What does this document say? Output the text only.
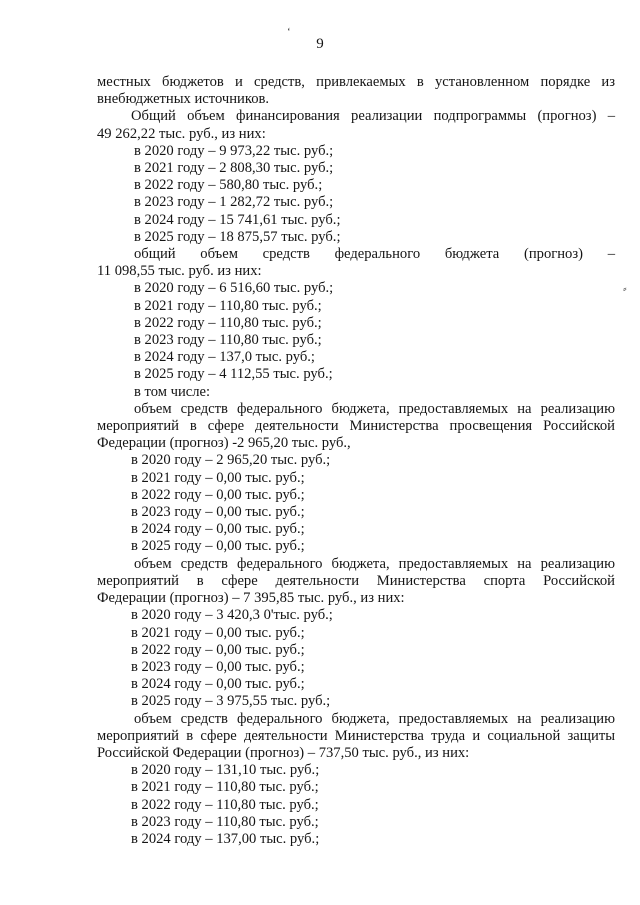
‘
⸗
9

местных бюджетов и средств, привлекаемых в установленном порядке из

внебюджетных источников.

Общий объем финансирования реализации подпрограммы (прогноз) –

49 262,22 тыс. руб., из них:

в 2020 году – 9 973,22 тыс. руб.;

в 2021 году – 2 808,30 тыс. руб.;

в 2022 году – 580,80 тыс. руб.;

в 2023 году – 1 282,72 тыс. руб.;

в 2024 году – 15 741,61 тыс. руб.;

в 2025 году – 18 875,57 тыс. руб.;

общий объем средств федерального бюджета (прогноз) –

11 098,55 тыс. руб. из них:

в 2020 году – 6 516,60 тыс. руб.;

в 2021 году – 110,80 тыс. руб.;

в 2022 году – 110,80 тыс. руб.;

в 2023 году – 110,80 тыс. руб.;

в 2024 году – 137,0 тыс. руб.;

в 2025 году – 4 112,55 тыс. руб.;

в том числе:

объем средств федерального бюджета, предоставляемых на реализацию

мероприятий в сфере деятельности Министерства просвещения Российской

Федерации (прогноз) -2 965,20 тыс. руб.,

в 2020 году – 2 965,20 тыс. руб.;

в 2021 году – 0,00 тыс. руб.;

в 2022 году – 0,00 тыс. руб.;

в 2023 году – 0,00 тыс. руб.;

в 2024 году – 0,00 тыс. руб.;

в 2025 году – 0,00 тыс. руб.;

объем средств федерального бюджета, предоставляемых на реализацию

мероприятий в сфере деятельности Министерства спорта Российской

Федерации (прогноз) – 7 395,85 тыс. руб., из них:

в 2020 году – 3 420,3 0'тыс. руб.;

в 2021 году – 0,00 тыс. руб.;

в 2022 году – 0,00 тыс. руб.;

в 2023 году – 0,00 тыс. руб.;

в 2024 году – 0,00 тыс. руб.;

в 2025 году – 3 975,55 тыс. руб.;

объем средств федерального бюджета, предоставляемых на реализацию

мероприятий в сфере деятельности Министерства труда и социальной защиты

Российской Федерации (прогноз) – 737,50 тыс. руб., из них:

в 2020 году – 131,10 тыс. руб.;

в 2021 году – 110,80 тыс. руб.;

в 2022 году – 110,80 тыс. руб.;

в 2023 году – 110,80 тыс. руб.;

в 2024 году – 137,00 тыс. руб.;
